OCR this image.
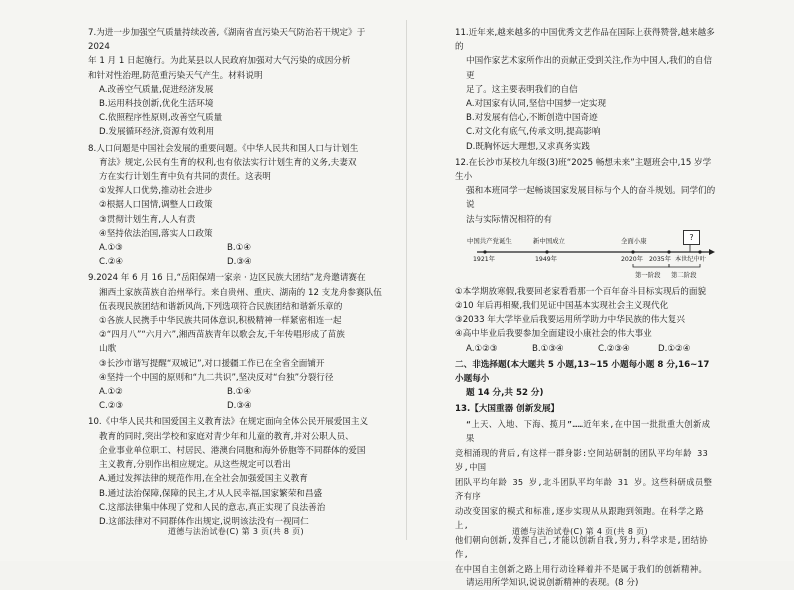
7.为进一步加强空气质量持续改善,《湖南省直污染天气防治若干规定》于 2024

年 1 月 1 日起施行。为此某县以人民政府加强对大气污染的成因分析

和针对性治理,防范重污染天气产生。材料说明

A.改善空气质量,促进经济发展

B.运用科技创新,优化生活环境

C.依照程序性原则,改善空气质量

D.发展循环经济,资源有效利用

8.人口问题是中国社会发展的重要问题。《中华人民共和国人口与计划生

育法》规定,公民有生育的权利,也有依法实行计划生育的义务,夫妻双

方在实行计划生育中负有共同的责任。这表明

①发挥人口优势,推动社会进步

②根据人口国情,调整人口政策

③贯彻计划生育,人人有责

④坚持依法治国,落实人口政策

A.①③	B.①④
C.②④	D.③④

9.2024 年 6 月 16 日,“岳阳保靖一家亲 · 边区民族大团结”龙舟邀请赛在

湘西土家族苗族自治州举行。来自贵州、重庆、湖南的 12 支龙舟参赛队伍

伍表现民族团结和谐新风尚,下列选项符合民族团结和谐新乐章的

①各族人民携手中华民族共同体意识,积极精神一样紧密相连一起

②“四月八”“六月六”,湘西苗族青年以歌会友,千年传唱形成了苗族

山歌

③长沙市谐写提醒“双城记”,对口援疆工作已在全省全面铺开

④坚持一个中国的原则和“九二共识”,坚决反对“台独”分裂行径

A.①②	B.①④
C.②③	D.③④

10.《中华人民共和国爱国主义教育法》在规定面向全体公民开展爱国主义

教育的同时,突出学校和家庭对青少年和儿童的教育,并对公职人员、

企业事业单位职工、村居民、港澳台同胞和海外侨胞等不同群体的爱国

主义教育,分别作出相应规定。从这些规定可以看出

A.通过发挥法律的规范作用,在全社会加强爱国主义教育

B.通过法治保障,保障的民主,才从人民幸福,国家繁荣和昌盛

C.这部法律集中体现了党和人民的意志,真正实现了良法善治

D.这部法律对不同群体作出规定,说明该法没有一视同仁

道德与法治试卷(C) 第 3 页(共 8 页)

11.近年来,越来越多的中国优秀文艺作品在国际上获得赞誉,越来越多的

中国作家艺术家所作出的贡献正受到关注,作为中国人,我们的自信更

足了。这主要表明我们的自信

A.对国家有认同,坚信中国梦一定实现

B.对发展有信心,不断创造中国奇迹

C.对文化有底气,传承文明,提高影响

D.既胸怀远大理想,又求真务实践

12.在长沙市某校九年级(3)班“2025 畅想未来”主题班会中,15 岁学生小

强和本班同学一起畅谈国家发展目标与个人的奋斗规划。同学们的说

法与实际情况相符的有

中国共产党诞生	新中国成立	全面小康	?
1921年	1949年	2020年 2035年 本世纪中叶
第一阶段 第二阶段

①本学期放寒假,我要回老家看看那一个百年奋斗目标实现后的面貌

②10 年后再相聚,我们见证中国基本实现社会主义现代化

③2033 年大学毕业后我要运用所学助力中华民族的伟大复兴

④高中毕业后我要参加全面建设小康社会的伟大事业

A.①②③	B.①③④	C.②③④	D.①②④

二、非选择题(本大题共 5 小题,13~15 小题每小题 8 分,16~17 小题每小

题 14 分,共 52 分)

13.【大国重器 创新发展】

“上天、入地、下海、揽月”……近年来,在中国一批批重大创新成果

竞相涌现的背后,有这样一群身影:空间站研制的团队平均年龄 33 岁,中国

团队平均年龄 35 岁,北斗团队平均年龄 31 岁。这些科研成员整齐有序

动改变国家的模式和标准,逐步实现从从跟跑到领跑。在科学之路上,

他们朝向创新,发挥自己,才能以创新自我,努力,科学求是,团结协作,

在中国自主创新之路上用行动诠释着并不是属于我们的创新精神。

请运用所学知识,说说创新精神的表现。(8 分)

道德与法治试卷(C) 第 4 页(共 8 页)
